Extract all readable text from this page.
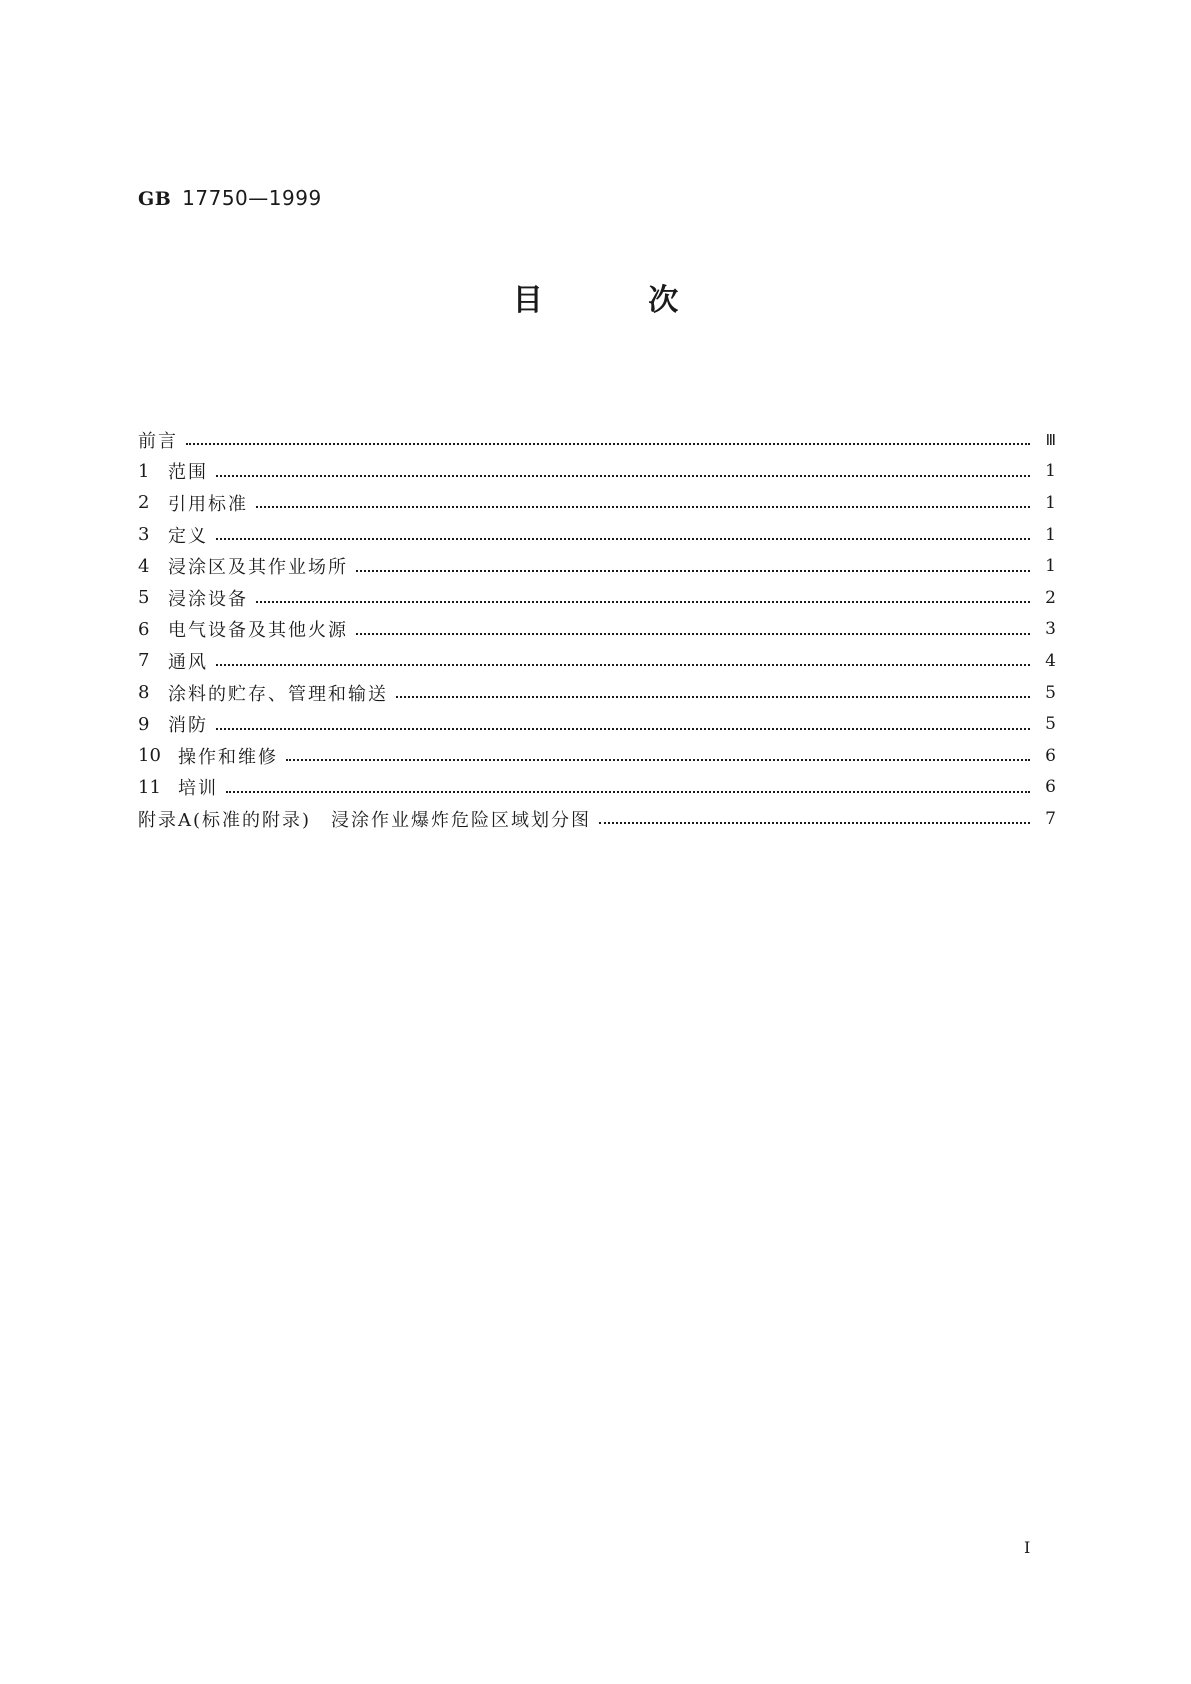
GB 17750—1999
目	次
前言	Ⅲ
1	范围	1
2	引用标准	1
3	定义	1
4	浸涂区及其作业场所	1
5	浸涂设备	2
6	电气设备及其他火源	3
7	通风	4
8	涂料的贮存、管理和输送	5
9	消防	5
10 操作和维修	6
11 培训	6
附录A(标准的附录)　浸涂作业爆炸危险区域划分图	7
I
